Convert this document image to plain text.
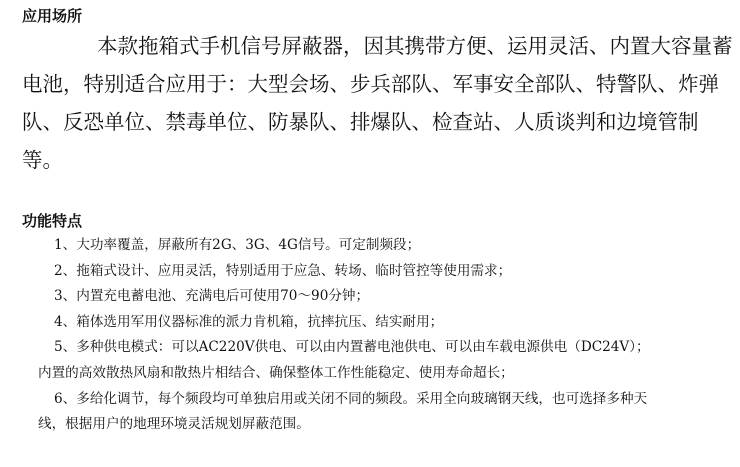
应用场所
本款拖箱式手机信号屏蔽器，因其携带方便、运用灵活、内置大容量蓄
电池，特别适合应用于：大型会场、步兵部队、军事安全部队、特警队、炸弹
队、反恐单位、禁毒单位、防暴队、排爆队、检查站、人质谈判和边境管制
等。
功能特点
1、大功率覆盖，屏蔽所有2G、3G、4G信号。可定制频段；
2、拖箱式设计、应用灵活，特别适用于应急、转场、临时管控等使用需求；
3、内置充电蓄电池、充满电后可使用70～90分钟；
4、箱体选用军用仪器标准的派力肯机箱，抗摔抗压、结实耐用；
5、多种供电模式：可以AC220V供电、可以由内置蓄电池供电、可以由车载电源供电（DC24V）；
内置的高效散热风扇和散热片相结合、确保整体工作性能稳定、使用寿命超长；
6、多给化调节，每个频段均可单独启用或关闭不同的频段。采用全向玻璃钢天线，也可选择多种天
线，根据用户的地理环境灵活规划屏蔽范围。
